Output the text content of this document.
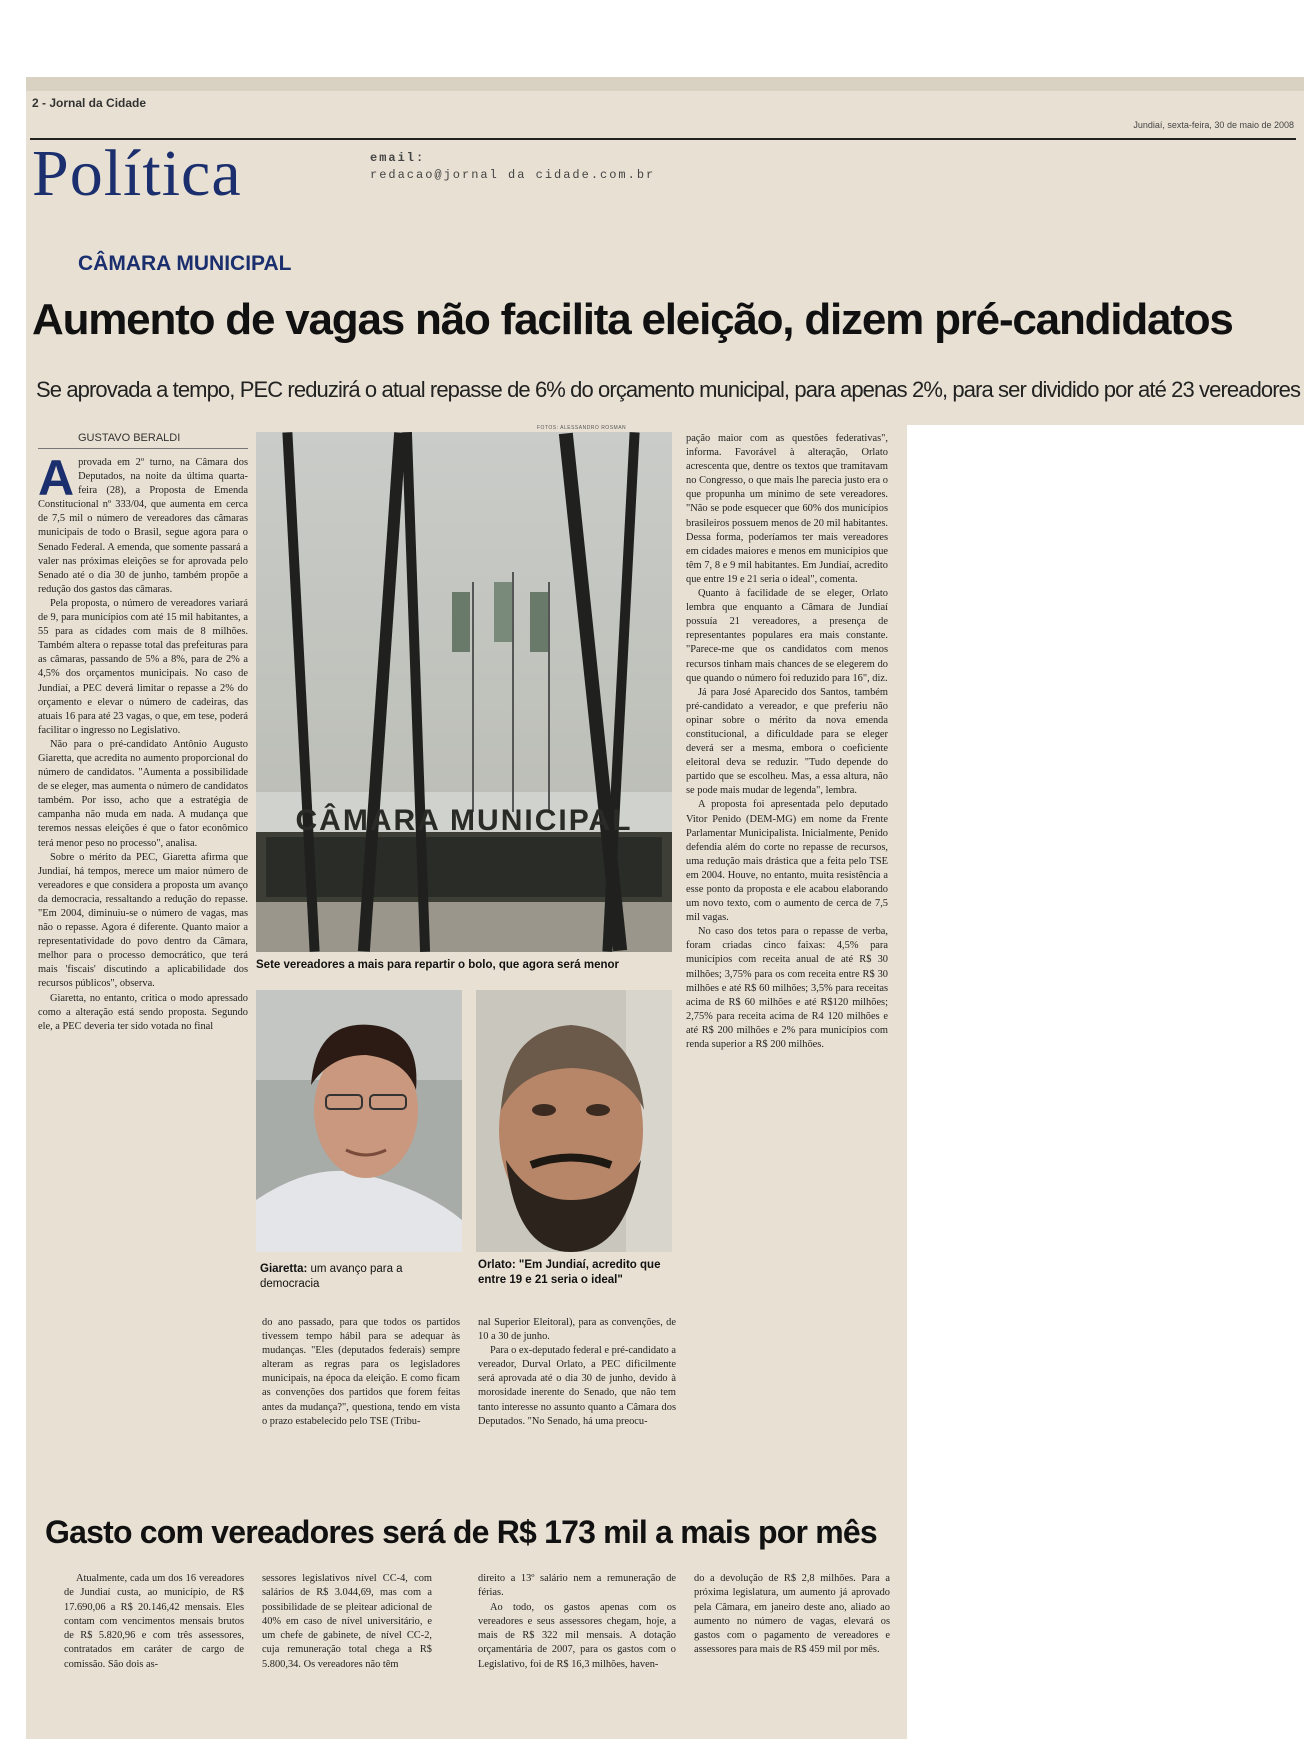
2 - Jornal da Cidade
Jundiaí, sexta-feira, 30 de maio de 2008
Política	email:
redacao@jornal da cidade.com.br
CÂMARA MUNICIPAL
Aumento de vagas não facilita eleição, dizem pré-candidatos
Se aprovada a tempo, PEC reduzirá o atual repasse de 6% do orçamento municipal, para apenas 2%, para ser dividido por até 23 vereadores
GUSTAVO BERALDI

Aprovada em 2º turno, na Câmara dos Deputados, na noite da última quarta-feira (28), a Proposta de Emenda Constitucional nº 333/04, que aumenta em cerca de 7,5 mil o número de vereadores das câmaras municipais de todo o Brasil, segue agora para o Senado Federal. A emenda, que somente passará a valer nas próximas eleições se for aprovada pelo Senado até o dia 30 de junho, também propõe a redução dos gastos das câmaras.

Pela proposta, o número de vereadores variará de 9, para municípios com até 15 mil habitantes, a 55 para as cidades com mais de 8 milhões. Também altera o repasse total das prefeituras para as câmaras, passando de 5% a 8%, para de 2% a 4,5% dos orçamentos municipais. No caso de Jundiaí, a PEC deverá limitar o repasse a 2% do orçamento e elevar o número de cadeiras, das atuais 16 para até 23 vagas, o que, em tese, poderá facilitar o ingresso no Legislativo.

Não para o pré-candidato Antônio Augusto Giaretta, que acredita no aumento proporcional do número de candidatos. "Aumenta a possibilidade de se eleger, mas aumenta o número de candidatos também. Por isso, acho que a estratégia de campanha não muda em nada. A mudança que teremos nessas eleições é que o fator econômico terá menor peso no processo", analisa.

Sobre o mérito da PEC, Giaretta afirma que Jundiaí, há tempos, merece um maior número de vereadores e que considera a proposta um avanço da democracia, ressaltando a redução do repasse. "Em 2004, diminuiu-se o número de vagas, mas não o repasse. Agora é diferente. Quanto maior a representatividade do povo dentro da Câmara, melhor para o processo democrático, que terá mais 'fiscais' discutindo a aplicabilidade dos recursos públicos", observa.

Giaretta, no entanto, critica o modo apressado como a alteração está sendo proposta. Segundo ele, a PEC deveria ter sido votada no final

FOTOS: ALESSANDRO ROSMAN
CÂMARA MUNICIPAL
Sete vereadores a mais para repartir o bolo, que agora será menor
Giaretta: um avanço para a democracia
Orlato: "Em Jundiaí, acredito que entre 19 e 21 seria o ideal"

do ano passado, para que todos os partidos tivessem tempo hábil para se adequar às mudanças. "Eles (deputados federais) sempre alteram as regras para os legisladores municipais, na época da eleição. E como ficam as convenções dos partidos que forem feitas antes da mudança?", questiona, tendo em vista o prazo estabelecido pelo TSE (Tribu-

nal Superior Eleitoral), para as convenções, de 10 a 30 de junho.

Para o ex-deputado federal e pré-candidato a vereador, Durval Orlato, a PEC dificilmente será aprovada até o dia 30 de junho, devido à morosidade inerente do Senado, que não tem tanto interesse no assunto quanto a Câmara dos Deputados. "No Senado, há uma preocu-

pação maior com as questões federativas", informa. Favorável à alteração, Orlato acrescenta que, dentre os textos que tramitavam no Congresso, o que mais lhe parecia justo era o que propunha um mínimo de sete vereadores. "Não se pode esquecer que 60% dos municípios brasileiros possuem menos de 20 mil habitantes. Dessa forma, poderíamos ter mais vereadores em cidades maiores e menos em municípios que têm 7, 8 e 9 mil habitantes. Em Jundiaí, acredito que entre 19 e 21 seria o ideal", comenta.

Quanto à facilidade de se eleger, Orlato lembra que enquanto a Câmara de Jundiaí possuía 21 vereadores, a presença de representantes populares era mais constante. "Parece-me que os candidatos com menos recursos tinham mais chances de se elegerem do que quando o número foi reduzido para 16", diz.

Já para José Aparecido dos Santos, também pré-candidato a vereador, e que preferiu não opinar sobre o mérito da nova emenda constitucional, a dificuldade para se eleger deverá ser a mesma, embora o coeficiente eleitoral deva se reduzir. "Tudo depende do partido que se escolheu. Mas, a essa altura, não se pode mais mudar de legenda", lembra.

A proposta foi apresentada pelo deputado Vitor Penido (DEM-MG) em nome da Frente Parlamentar Municipalista. Inicialmente, Penido defendia além do corte no repasse de recursos, uma redução mais drástica que a feita pelo TSE em 2004. Houve, no entanto, muita resistência a esse ponto da proposta e ele acabou elaborando um novo texto, com o aumento de cerca de 7,5 mil vagas.

No caso dos tetos para o repasse de verba, foram criadas cinco faixas: 4,5% para municípios com receita anual de até R$ 30 milhões; 3,75% para os com receita entre R$ 30 milhões e até R$ 60 milhões; 3,5% para receitas acima de R$ 60 milhões e até R$120 milhões; 2,75% para receita acima de R4 120 milhões e até R$ 200 milhões e 2% para municípios com renda superior a R$ 200 milhões.

Gasto com vereadores será de R$ 173 mil a mais por mês

Atualmente, cada um dos 16 vereadores de Jundiaí custa, ao município, de R$ 17.690,06 a R$ 20.146,42 mensais. Eles contam com vencimentos mensais brutos de R$ 5.820,96 e com três assessores, contratados em caráter de cargo de comissão. São dois as-

sessores legislativos nível CC-4, com salários de R$ 3.044,69, mas com a possibilidade de se pleitear adicional de 40% em caso de nível universitário, e um chefe de gabinete, de nível CC-2, cuja remuneração total chega a R$ 5.800,34. Os vereadores não têm

direito a 13º salário nem a remuneração de férias.

Ao todo, os gastos apenas com os vereadores e seus assessores chegam, hoje, a mais de R$ 322 mil mensais. A dotação orçamentária de 2007, para os gastos com o Legislativo, foi de R$ 16,3 milhões, haven-

do a devolução de R$ 2,8 milhões. Para a próxima legislatura, um aumento já aprovado pela Câmara, em janeiro deste ano, aliado ao aumento no número de vagas, elevará os gastos com o pagamento de vereadores e assessores para mais de R$ 459 mil por mês.
